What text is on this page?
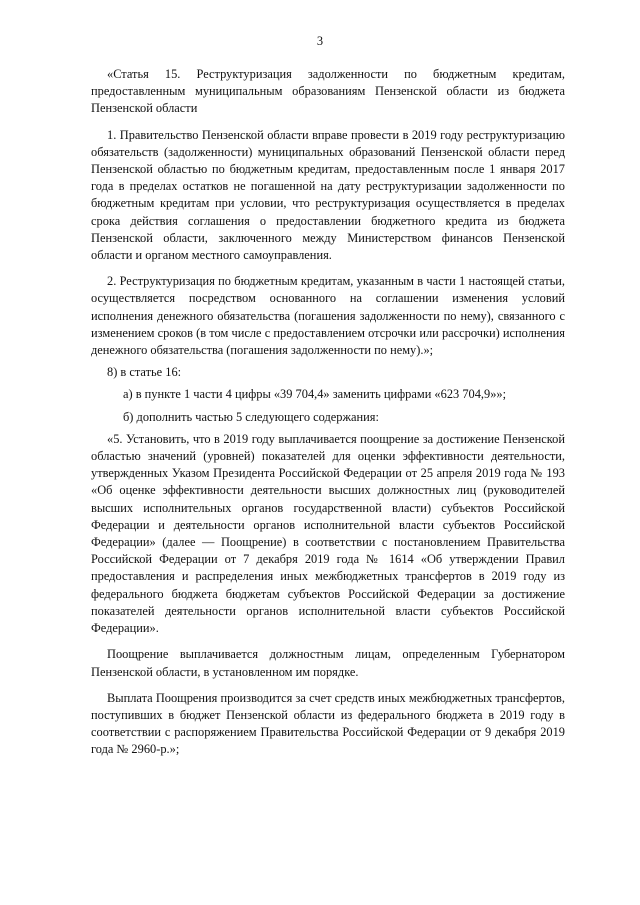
3

«Статья 15. Реструктуризация задолженности по бюджетным кредитам, предоставленным муниципальным образованиям Пензенской области из бюджета Пензенской области

1. Правительство Пензенской области вправе провести в 2019 году реструктуризацию обязательств (задолженности) муниципальных образований Пензенской области перед Пензенской областью по бюджетным кредитам, предоставленным после 1 января 2017 года в пределах остатков не погашенной на дату реструктуризации задолженности по бюджетным кредитам при условии, что реструктуризация осуществляется в пределах срока действия соглашения о предоставлении бюджетного кредита из бюджета Пензенской области, заключенного между Министерством финансов Пензенской области и органом местного самоуправления.

2. Реструктуризация по бюджетным кредитам, указанным в части 1 настоящей статьи, осуществляется посредством основанного на соглашении изменения условий исполнения денежного обязательства (погашения задолженности по нему), связанного с изменением сроков (в том числе с предоставлением отсрочки или рассрочки) исполнения денежного обязательства (погашения задолженности по нему).»;

8) в статье 16:

а) в пункте 1 части 4 цифры «39 704,4» заменить цифрами «623 704,9»»;

б) дополнить частью 5 следующего содержания:

«5. Установить, что в 2019 году выплачивается поощрение за достижение Пензенской областью значений (уровней) показателей для оценки эффективности деятельности, утвержденных Указом Президента Российской Федерации от 25 апреля 2019 года № 193 «Об оценке эффективности деятельности высших должностных лиц (руководителей высших исполнительных органов государственной власти) субъектов Российской Федерации и деятельности органов исполнительной власти субъектов Российской Федерации» (далее — Поощрение) в соответствии с постановлением Правительства Российской Федерации от 7 декабря 2019 года № 1614 «Об утверждении Правил предоставления и распределения иных межбюджетных трансфертов в 2019 году из федерального бюджета бюджетам субъектов Российской Федерации за достижение показателей деятельности органов исполнительной власти субъектов Российской Федерации».

Поощрение выплачивается должностным лицам, определенным Губернатором Пензенской области, в установленном им порядке.

Выплата Поощрения производится за счет средств иных межбюджетных трансфертов, поступивших в бюджет Пензенской области из федерального бюджета в 2019 году в соответствии с распоряжением Правительства Российской Федерации от 9 декабря 2019 года № 2960-р.»;
